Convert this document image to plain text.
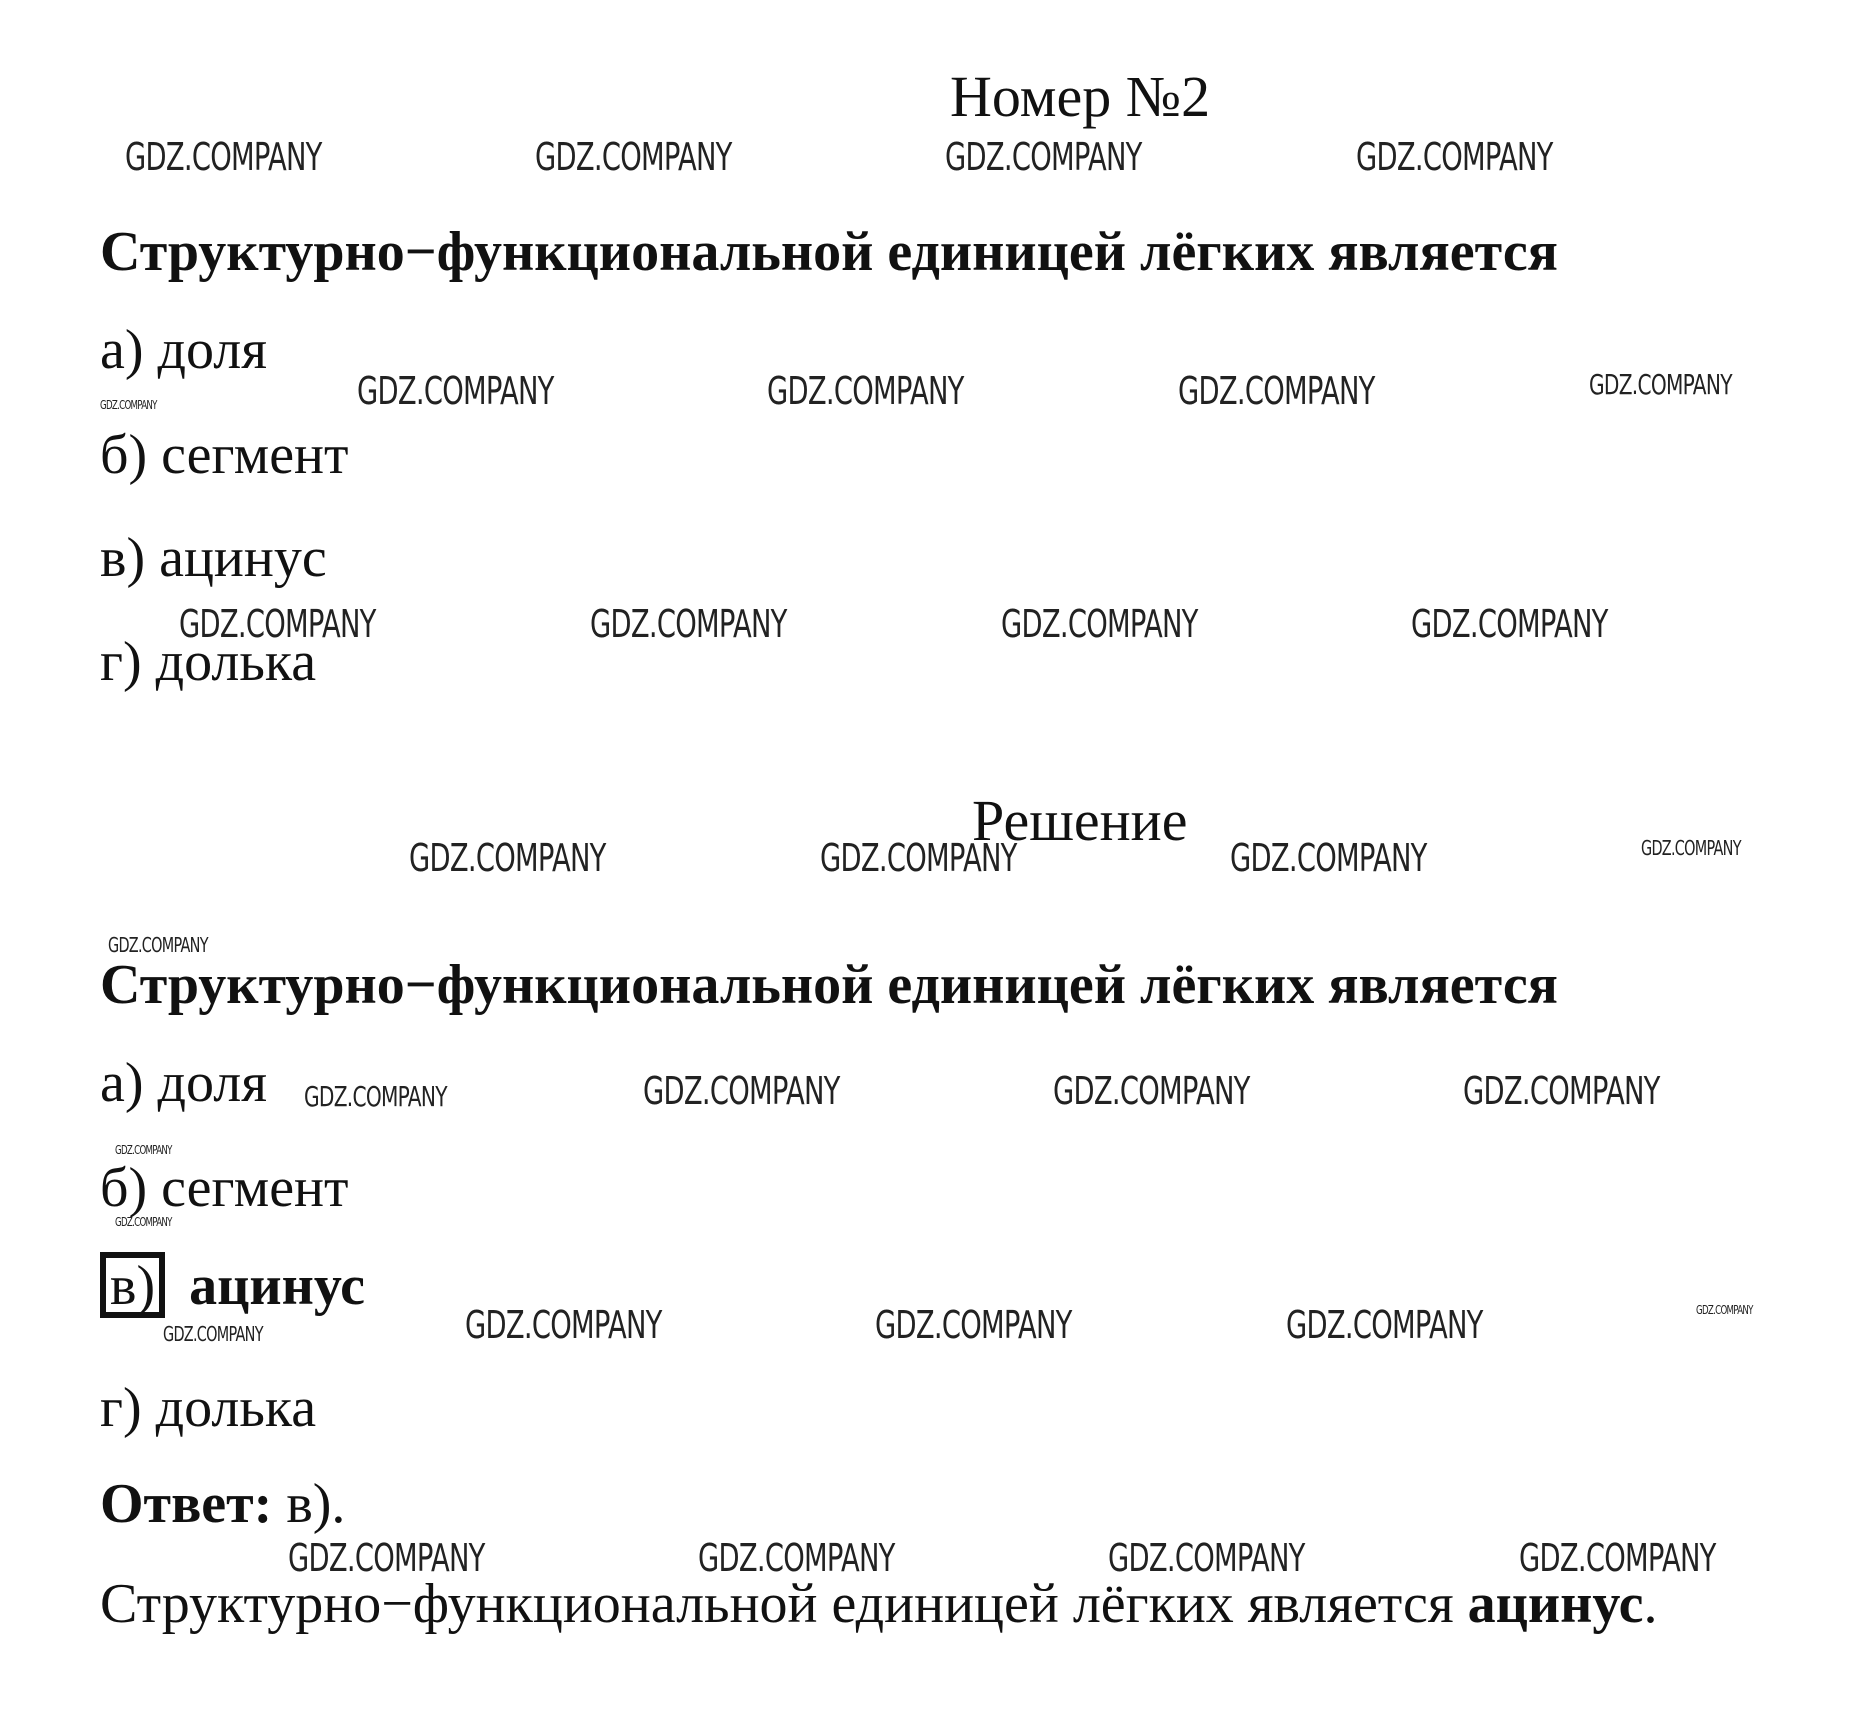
Номер №2
Структурно−функциональной единицей лёгких является
а) доля
б) сегмент
в) ацинус
г) долька
Решение
Структурно−функциональной единицей лёгких является
а) доля
б) сегмент
в) ацинус
г) долька
Ответ: в).
Структурно−функциональной единицей лёгких является ацинус.
GDZ.COMPANY	GDZ.COMPANY	GDZ.COMPANY	GDZ.COMPANY
GDZ.COMPANY	GDZ.COMPANY	GDZ.COMPANY	GDZ.COMPANY	GDZ.COMPANY
GDZ.COMPANY	GDZ.COMPANY	GDZ.COMPANY	GDZ.COMPANY
GDZ.COMPANY	GDZ.COMPANY	GDZ.COMPANY	GDZ.COMPANY
GDZ.COMPANY
GDZ.COMPANY	GDZ.COMPANY	GDZ.COMPANY	GDZ.COMPANY
GDZ.COMPANY
GDZ.COMPANY
GDZ.COMPANY	GDZ.COMPANY	GDZ.COMPANY	GDZ.COMPANY	GDZ.COMPANY
GDZ.COMPANY	GDZ.COMPANY	GDZ.COMPANY	GDZ.COMPANY
